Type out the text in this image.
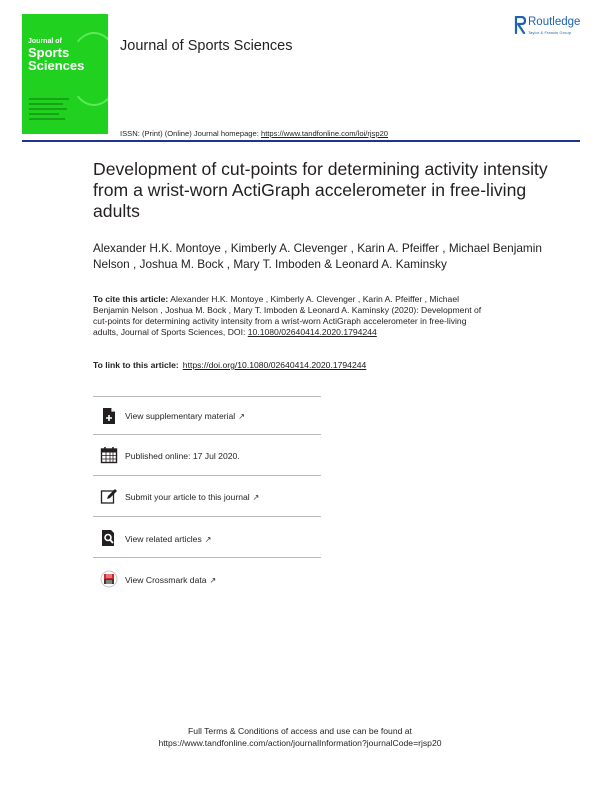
Journal of
Sports
Sciences
Journal of Sports Sciences
Routledge
Taylor & Francis Group
ISSN: (Print) (Online) Journal homepage: https://www.tandfonline.com/loi/rjsp20
Development of cut-points for determining activity intensity from a wrist-worn ActiGraph accelerometer in free-living adults
Alexander H.K. Montoye , Kimberly A. Clevenger , Karin A. Pfeiffer , Michael Benjamin Nelson , Joshua M. Bock , Mary T. Imboden & Leonard A. Kaminsky
To cite this article: Alexander H.K. Montoye , Kimberly A. Clevenger , Karin A. Pfeiffer , Michael Benjamin Nelson , Joshua M. Bock , Mary T. Imboden & Leonard A. Kaminsky (2020): Development of cut-points for determining activity intensity from a wrist-worn ActiGraph accelerometer in free-living adults, Journal of Sports Sciences, DOI: 10.1080/02640414.2020.1794244
To link to this article: https://doi.org/10.1080/02640414.2020.1794244
View supplementary material ↗
Published online: 17 Jul 2020.
Submit your article to this journal ↗
View related articles ↗
View Crossmark data ↗
Full Terms & Conditions of access and use can be found at
https://www.tandfonline.com/action/journalInformation?journalCode=rjsp20
